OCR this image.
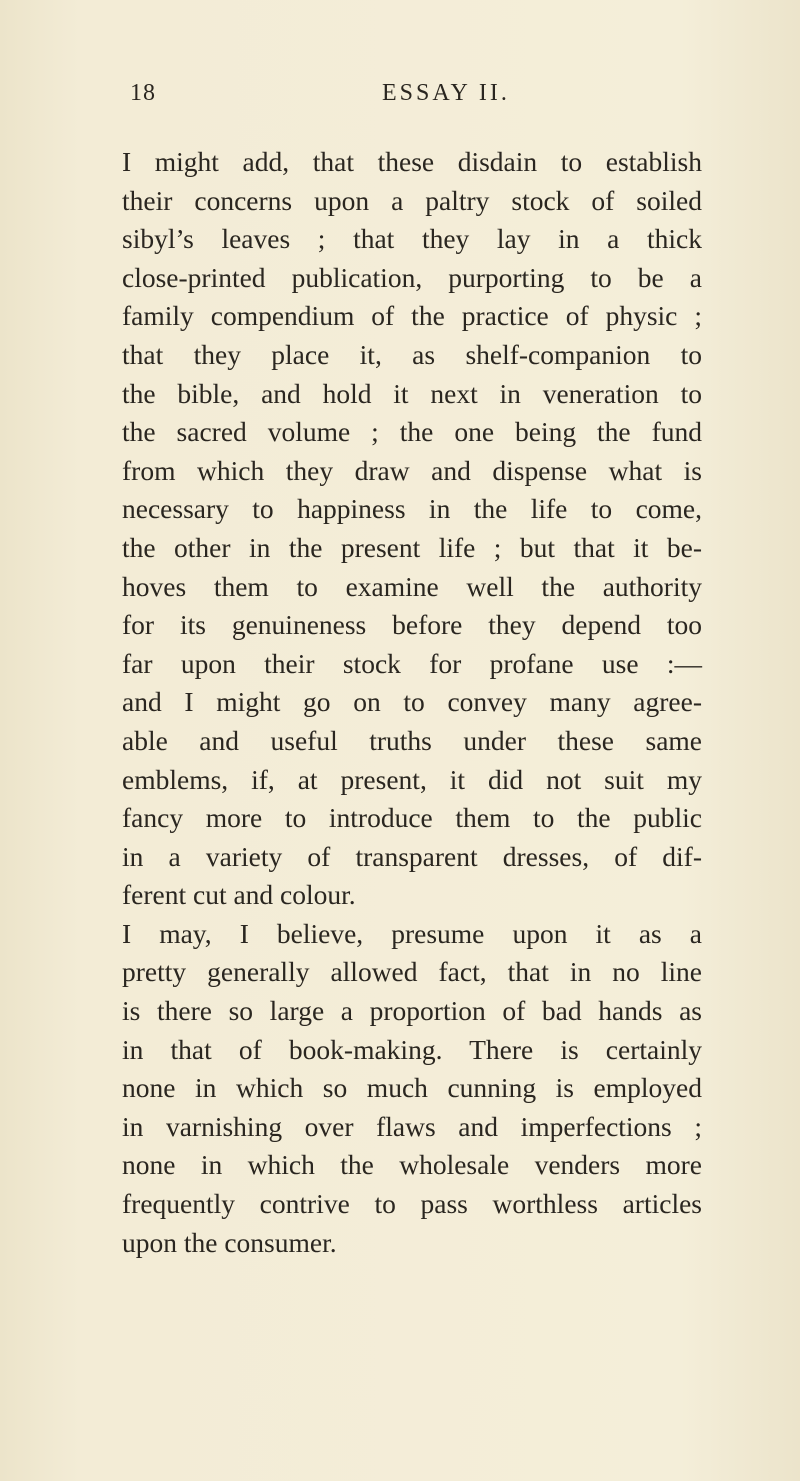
18	ESSAY II.
I might add, that these disdain to establish
their concerns upon a paltry stock of soiled
sibyl’s leaves ; that they lay in a thick
close-printed publication, purporting to be a
family compendium of the practice of physic ;
that they place it, as shelf-companion to
the bible, and hold it next in veneration to
the sacred volume ; the one being the fund
from which they draw and dispense what is
necessary to happiness in the life to come,
the other in the present life ; but that it be-
hoves them to examine well the authority
for its genuineness before they depend too
far upon their stock for profane use :—
and I might go on to convey many agree-
able and useful truths under these same
emblems, if, at present, it did not suit my
fancy more to introduce them to the public
in a variety of transparent dresses, of dif-
ferent cut and colour.
I may, I believe, presume upon it as a
pretty generally allowed fact, that in no line
is there so large a proportion of bad hands as
in that of book-making. There is certainly
none in which so much cunning is employed
in varnishing over flaws and imperfections ;
none in which the wholesale venders more
frequently contrive to pass worthless articles
upon the consumer.
